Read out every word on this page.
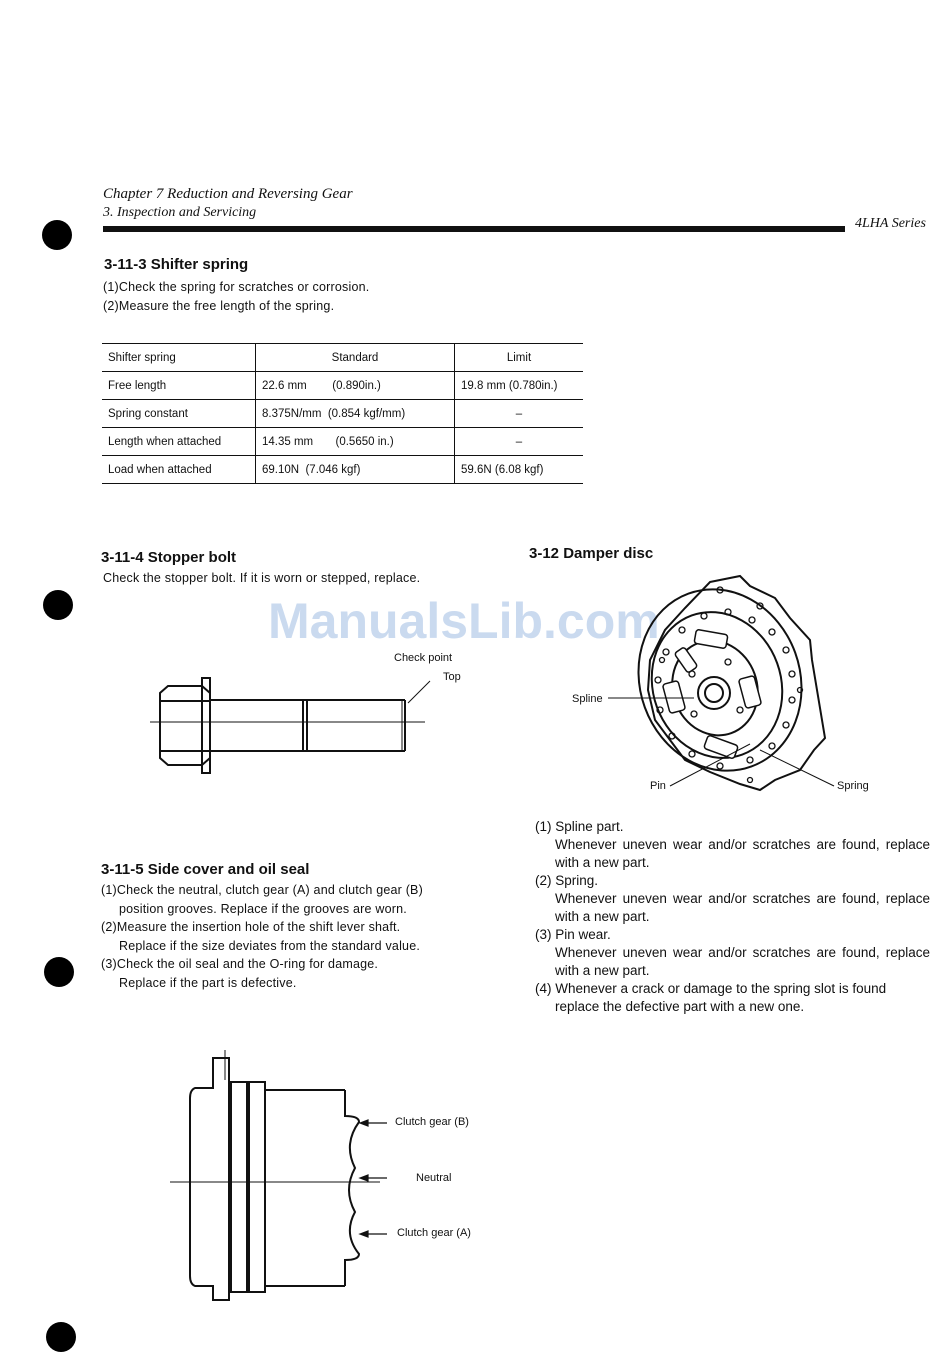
Chapter 7 Reduction and Reversing Gear
3. Inspection and Servicing
4LHA Series
ManualsLib.com
3-11-3 Shifter spring
(1)Check the spring for scratches or corrosion.
(2)Measure the free length of the spring.
Shifter spring	Standard	Limit
Free length	22.6 mm        (0.890in.)	19.8 mm (0.780in.)
Spring constant	8.375N/mm  (0.854 kgf/mm)	–
Length when attached	14.35 mm       (0.5650 in.)	–
Load when attached	69.10N  (7.046 kgf)	59.6N (6.08 kgf)
3-11-4 Stopper bolt
Check the stopper bolt. If it is worn or stepped, replace.
Check point
Top
3-11-5 Side cover and oil seal
(1)Check the neutral, clutch gear (A) and clutch gear (B)
position grooves. Replace if the grooves are worn.
(2)Measure the insertion hole of the shift lever shaft.
Replace if the size deviates from the standard value.
(3)Check the oil seal and the O-ring for damage.
Replace if the part is defective.
Clutch gear (B)
Neutral
Clutch gear (A)
3-12 Damper disc
Spline
Pin	Spring
(1) Spline part.
Whenever uneven wear and/or scratches are found, replace with a new part.
(2) Spring.
Whenever uneven wear and/or scratches are found, replace with a new part.
(3) Pin wear.
Whenever uneven wear and/or scratches are found, replace with a new part.
(4) Whenever a crack or damage to the spring slot is found
replace the defective part with a new one.
